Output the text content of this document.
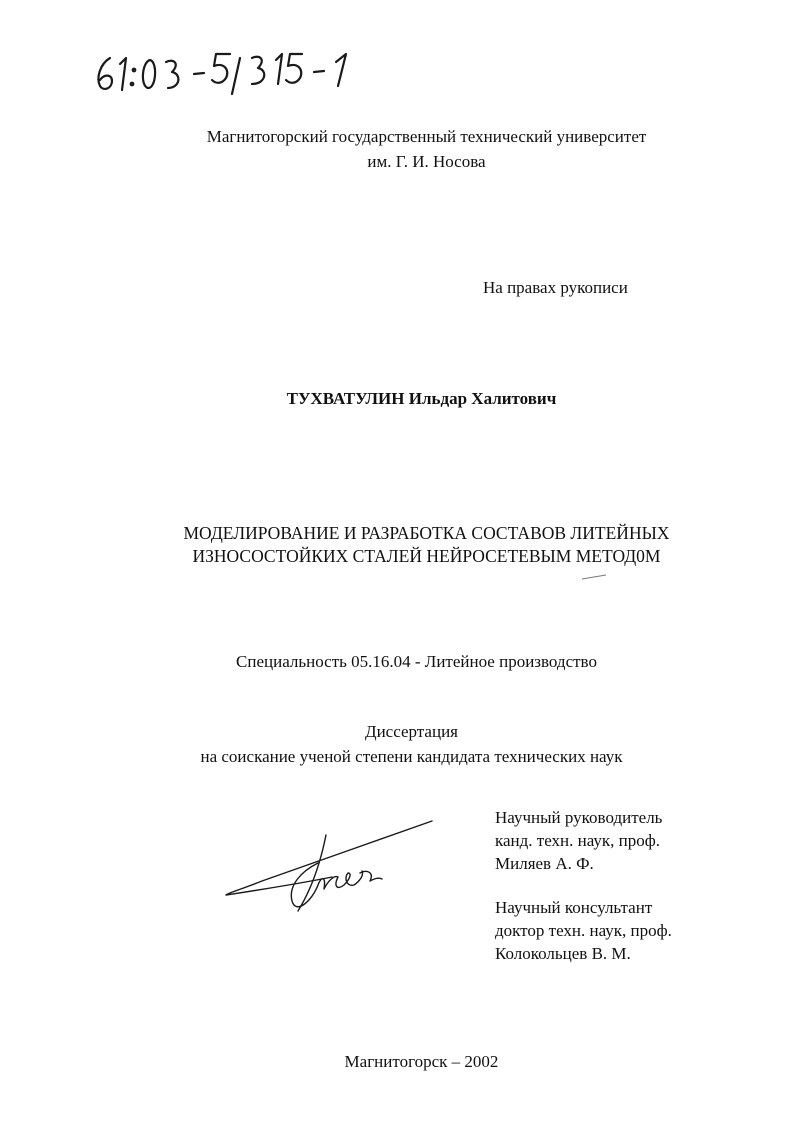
Магнитогорский государственный технический университет
им. Г. И. Носова
На правах рукописи
ТУХВАТУЛИН Ильдар Халитович
МОДЕЛИРОВАНИЕ И РАЗРАБОТКА СОСТАВОВ ЛИТЕЙНЫХ
ИЗНОСОСТОЙКИХ СТАЛЕЙ НЕЙРОСЕТЕВЫМ МЕТОД0М
Специальность 05.16.04 - Литейное производство
Диссертация
на соискание ученой степени кандидата технических наук
Научный руководитель
канд. техн. наук, проф.
Миляев А. Ф.
Научный консультант
доктор техн. наук, проф.
Колокольцев В. М.
Магнитогорск – 2002
